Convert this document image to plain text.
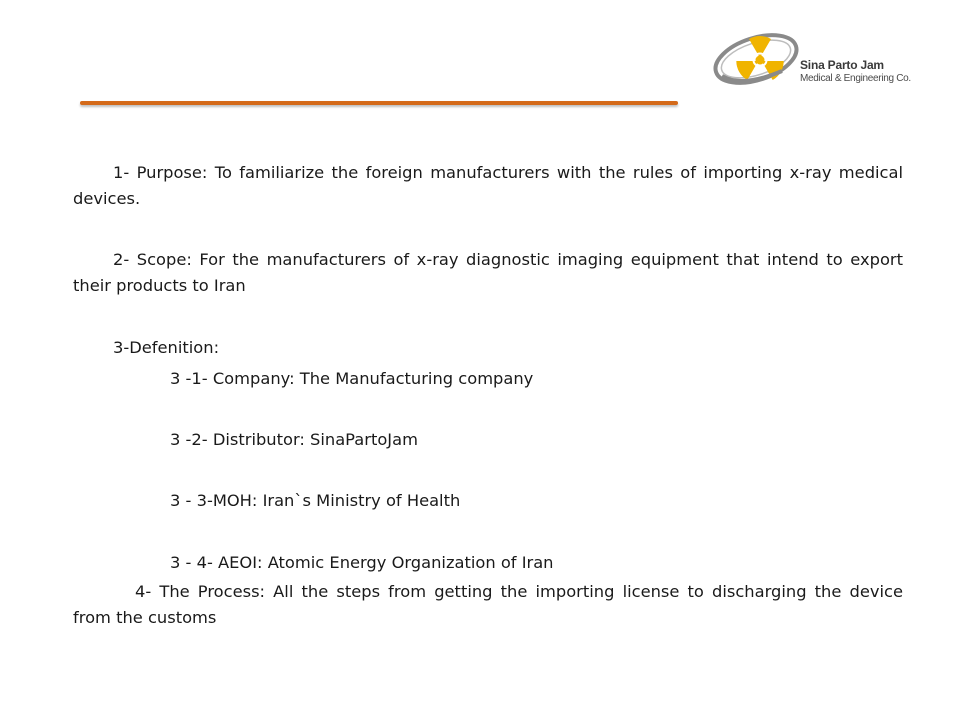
Sina Parto Jam
Medical & Engineering Co.

1- Purpose: To familiarize the foreign manufacturers with the rules of importing x-ray medical devices.

2- Scope: For the manufacturers of x-ray diagnostic imaging equipment that intend to export their products to Iran

3-Defenition:

3 -1- Company: The Manufacturing company

3 -2- Distributor: SinaPartoJam

3 - 3-MOH: Iran`s Ministry of Health

3 - 4- AEOI: Atomic Energy Organization of Iran

4- The Process: All the steps from getting the importing license to discharging the device from the customs
